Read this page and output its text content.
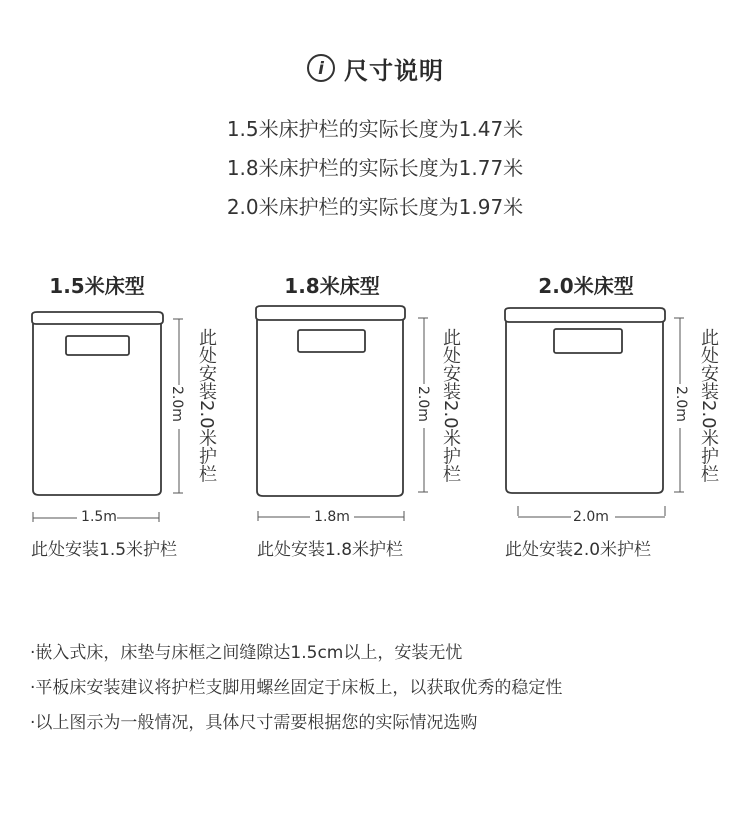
i 尺寸说明
1.5米床护栏的实际长度为1.47米
1.8米床护栏的实际长度为1.77米
2.0米床护栏的实际长度为1.97米
1.5米床型
1.5m
2.0m 此处安装2.0米护栏
此处安装1.5米护栏
1.8米床型
1.8m
2.0m 此处安装2.0米护栏
此处安装1.8米护栏
2.0米床型
2.0m
2.0m 此处安装2.0米护栏
此处安装2.0米护栏
·嵌入式床，床垫与床框之间缝隙达1.5cm以上，安装无忧
·平板床安装建议将护栏支脚用螺丝固定于床板上，以获取优秀的稳定性
·以上图示为一般情况，具体尺寸需要根据您的实际情况选购
